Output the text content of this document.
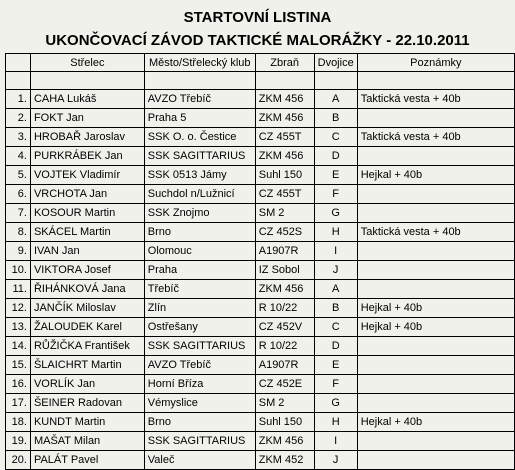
STARTOVNÍ LISTINA
UKONČOVACÍ ZÁVOD TAKTICKÉ MALORÁŽKY - 22.10.2011
	Střelec	Město/Střelecký klub	Zbraň	Dvojice	Poznámky

1.	CAHA Lukáš	AVZO Třebíč	ZKM 456	A	Taktická vesta + 40b
2.	FOKT Jan	Praha 5	ZKM 456	B	
3.	HROBAŘ Jaroslav	SSK O. o. Čestice	CZ 455T	C	Taktická vesta + 40b
4.	PURKRÁBEK Jan	SSK SAGITTARIUS	ZKM 456	D	
5.	VOJTEK Vladimír	SSK 0513 Jámy	Suhl 150	E	Hejkal + 40b
6.	VRCHOTA Jan	Suchdol n/Lužnicí	CZ 455T	F	
7.	KOSOUR Martin	SSK Znojmo	SM 2	G	
8.	SKÁCEL Martin	Brno	CZ 452S	H	Taktická vesta + 40b
9.	IVAN Jan	Olomouc	A1907R	I	
10.	VIKTORA Josef	Praha	IZ Sobol	J	
11.	ŘIHÁNKOVÁ Jana	Třebíč	ZKM 456	A	
12.	JANČÍK Miloslav	Zlín	R 10/22	B	Hejkal + 40b
13.	ŽALOUDEK Karel	Ostřešany	CZ 452V	C	Hejkal + 40b
14.	RŮŽIČKA František	SSK SAGITTARIUS	R 10/22	D	
15.	ŠLAICHRT Martin	AVZO Třebíč	A1907R	E	
16.	VORLÍK Jan	Horní Bříza	CZ 452E	F	
17.	ŠEINER Radovan	Vémyslice	SM 2	G	
18.	KUNDT Martin	Brno	Suhl 150	H	Hejkal + 40b
19.	MAŠAT Milan	SSK SAGITTARIUS	ZKM 456	I	
20.	PALÁT Pavel	Valeč	ZKM 452	J	
